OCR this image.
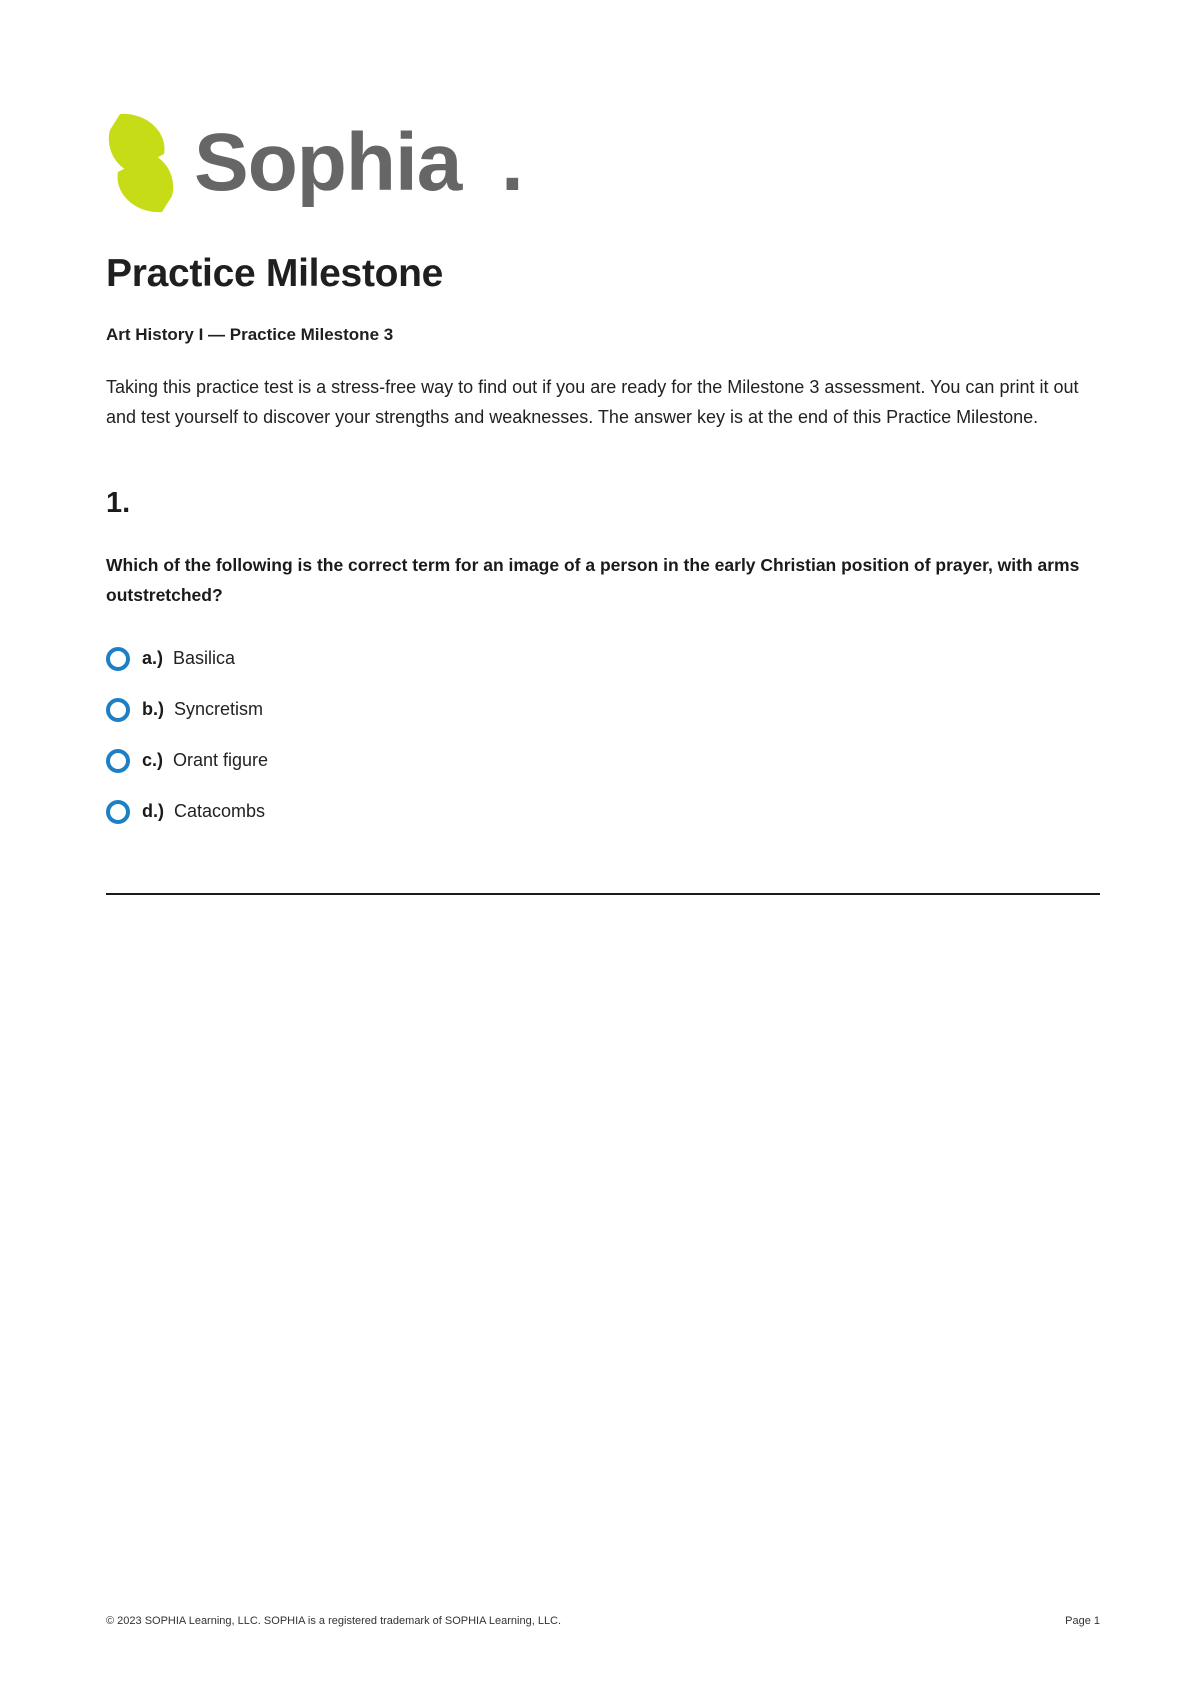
Sophia .
Practice Milestone
Art History I — Practice Milestone 3

Taking this practice test is a stress-free way to find out if you are ready for the Milestone 3 assessment. You can print it out and test yourself to discover your strengths and weaknesses. The answer key is at the end of this Practice Milestone.

1.

Which of the following is the correct term for an image of a person in the early Christian position of prayer, with arms outstretched?

a.) Basilica
b.) Syncretism
c.) Orant figure
d.) Catacombs
© 2023 SOPHIA Learning, LLC. SOPHIA is a registered trademark of SOPHIA Learning, LLC.	Page 1
